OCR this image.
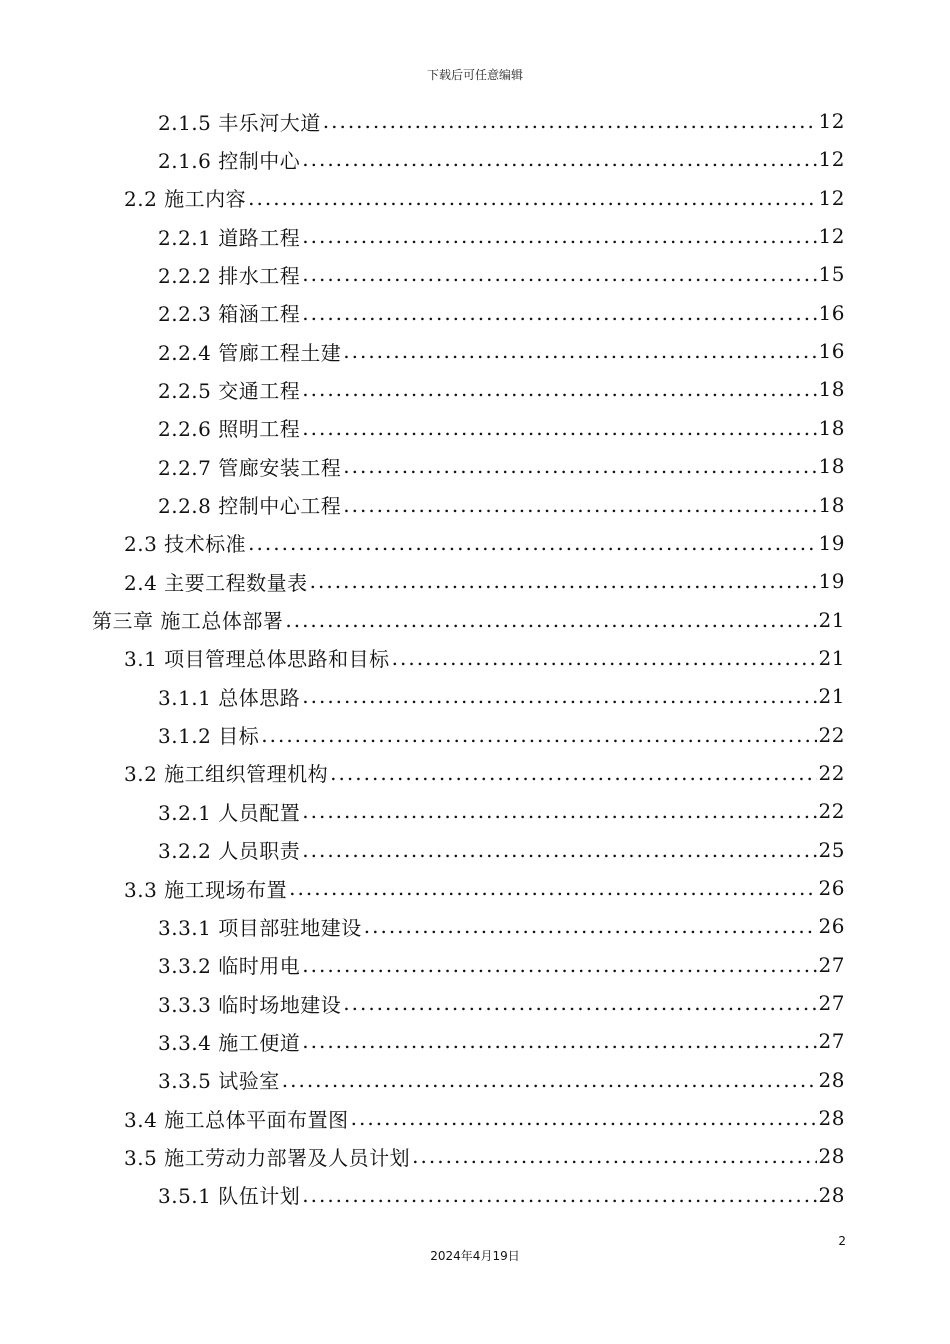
下载后可任意编辑
2.1.5 丰乐河大道 .....	12
2.1.6 控制中心 .....	12
2.2 施工内容 .....	12
2.2.1 道路工程 .....	12
2.2.2 排水工程 .....	15
2.2.3 箱涵工程 .....	16
2.2.4 管廊工程土建 .....	16
2.2.5 交通工程 .....	18
2.2.6 照明工程 .....	18
2.2.7 管廊安装工程 .....	18
2.2.8 控制中心工程 .....	18
2.3 技术标准 .....	19
2.4 主要工程数量表 .....	19
第三章 施工总体部署 .....	21
3.1 项目管理总体思路和目标 .....	21
3.1.1 总体思路 .....	21
3.1.2 目标 .....	22
3.2 施工组织管理机构 .....	22
3.2.1 人员配置 .....	22
3.2.2 人员职责 .....	25
3.3 施工现场布置 .....	26
3.3.1 项目部驻地建设 .....	26
3.3.2 临时用电 .....	27
3.3.3 临时场地建设 .....	27
3.3.4 施工便道 .....	27
3.3.5 试验室 .....	28
3.4 施工总体平面布置图 .....	28
3.5 施工劳动力部署及人员计划 .....	28
3.5.1 队伍计划 .....	28
2
2024年4月19日
